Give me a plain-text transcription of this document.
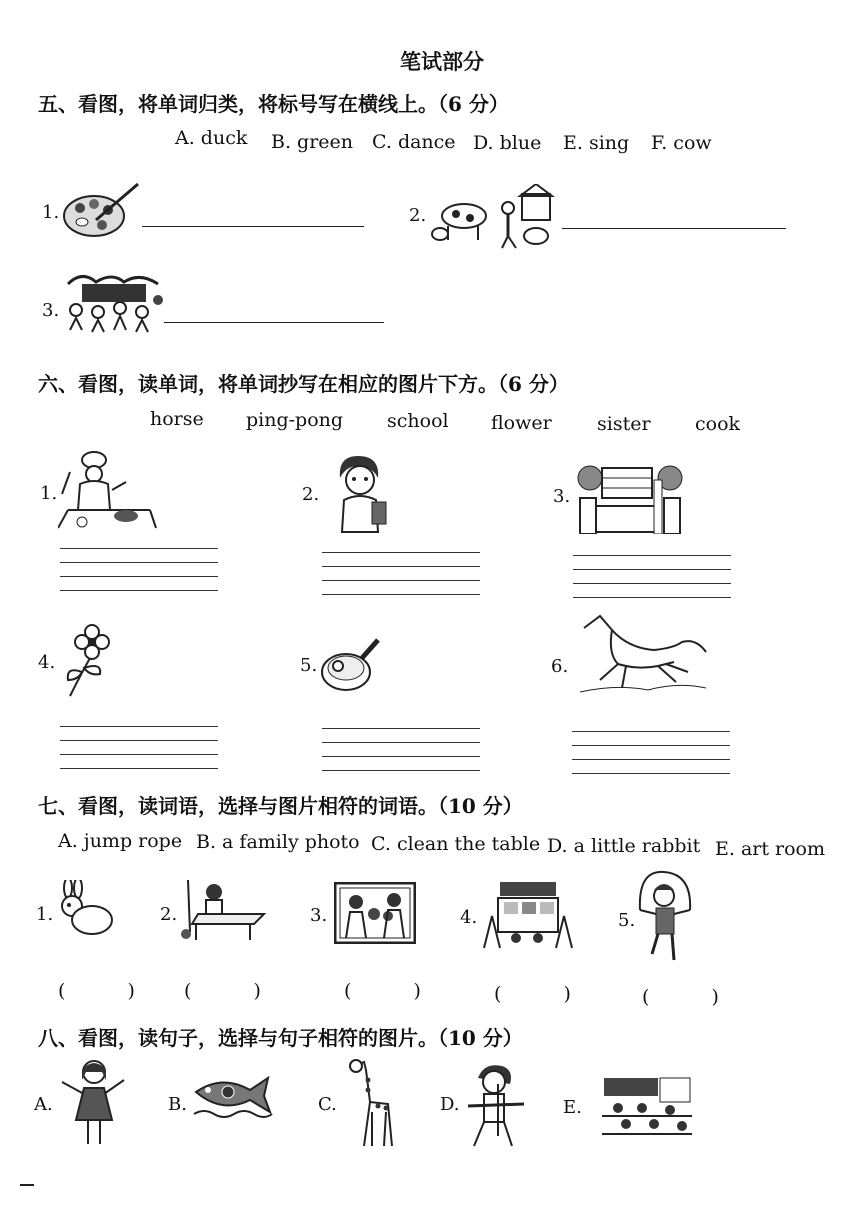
笔试部分
五、看图，将单词归类，将标号写在横线上。（6 分）
A. duck B. green C. dance D. blue E. sing F. cow
1.	2.
3.
六、看图，读单词，将单词抄写在相应的图片下方。（6 分）
horse ping-pong school flower sister cook
1.	2.	3.
4.	5.	6.
七、看图，读词语，选择与图片相符的词语。（10 分）
A. jump rope B. a family photo C. clean the table D. a little rabbit E. art room
1.
( )
2.
( )
3.
( )
4.
( )
5.
( )
八、看图，读句子，选择与句子相符的图片。（10 分）
A.	B.	C.	D.	E.
